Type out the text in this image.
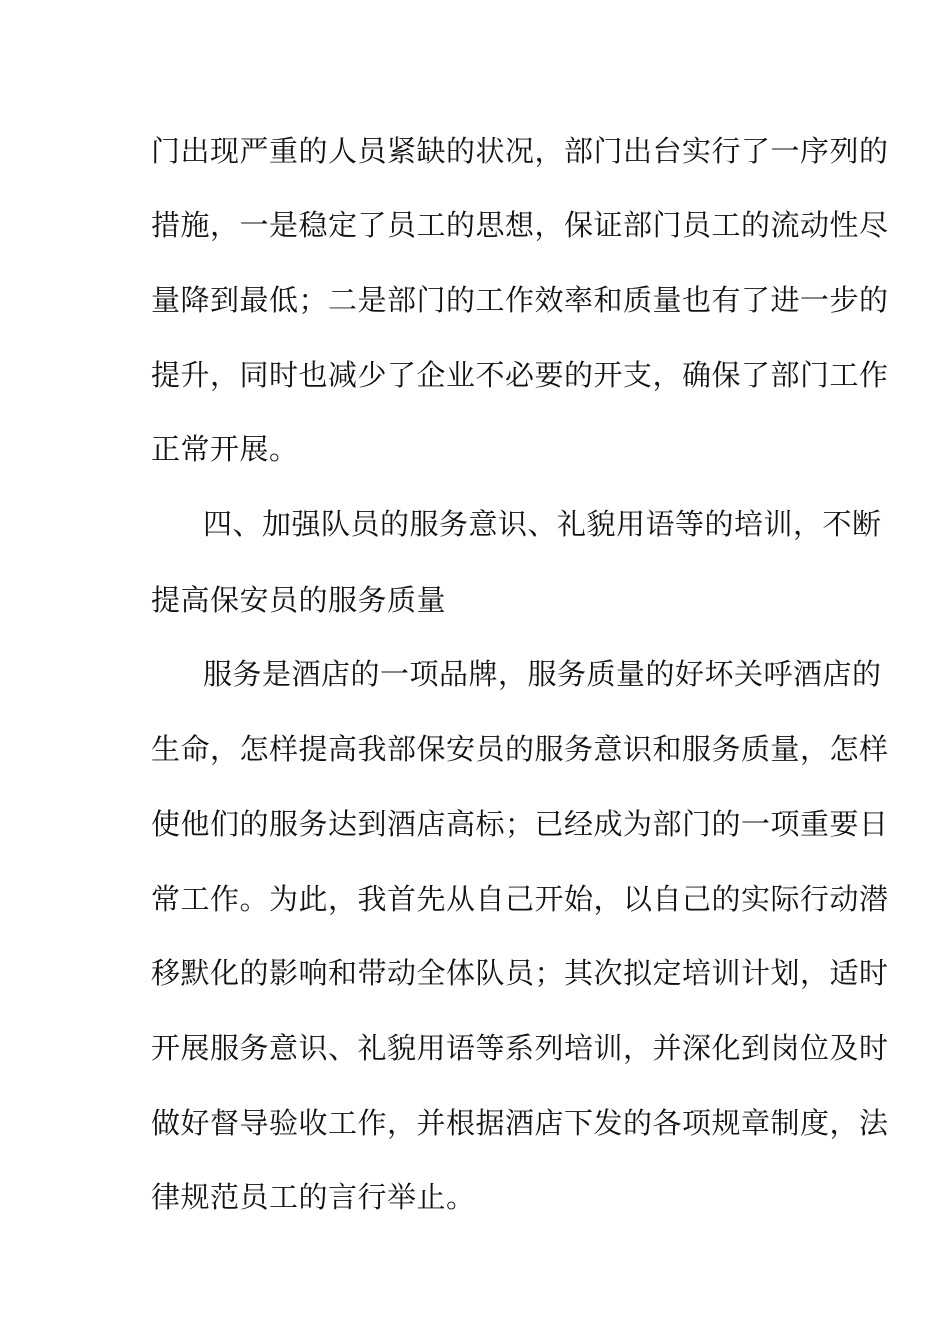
门出现严重的人员紧缺的状况，部门出台实行了一序列的
措施，一是稳定了员工的思想，保证部门员工的流动性尽
量降到最低；二是部门的工作效率和质量也有了进一步的
提升，同时也减少了企业不必要的开支，确保了部门工作
正常开展。
四、加强队员的服务意识、礼貌用语等的培训，不断
提高保安员的服务质量
服务是酒店的一项品牌，服务质量的好坏关呼酒店的
生命，怎样提高我部保安员的服务意识和服务质量，怎样
使他们的服务达到酒店高标；已经成为部门的一项重要日
常工作。为此，我首先从自己开始，以自己的实际行动潜
移默化的影响和带动全体队员；其次拟定培训计划，适时
开展服务意识、礼貌用语等系列培训，并深化到岗位及时
做好督导验收工作，并根据酒店下发的各项规章制度，法
律规范员工的言行举止。
